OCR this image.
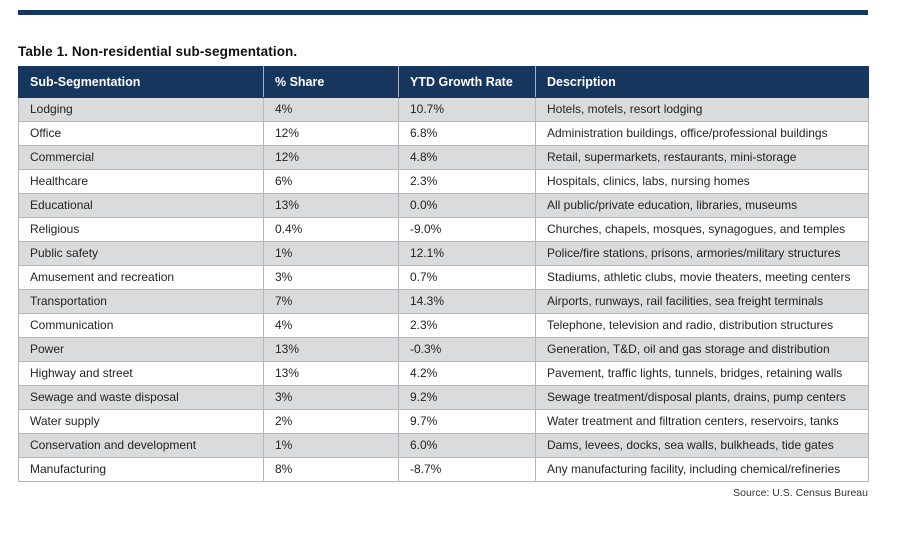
Table 1. Non-residential sub-segmentation.
Sub-Segmentation	% Share	YTD Growth Rate	Description
Lodging	4%	10.7%	Hotels, motels, resort lodging
Office	12%	6.8%	Administration buildings, office/professional buildings
Commercial	12%	4.8%	Retail, supermarkets, restaurants, mini-storage
Healthcare	6%	2.3%	Hospitals, clinics, labs, nursing homes
Educational	13%	0.0%	All public/private education, libraries, museums
Religious	0.4%	-9.0%	Churches, chapels, mosques, synagogues, and temples
Public safety	1%	12.1%	Police/fire stations, prisons, armories/military structures
Amusement and recreation	3%	0.7%	Stadiums, athletic clubs, movie theaters, meeting centers
Transportation	7%	14.3%	Airports, runways, rail facilities, sea freight terminals
Communication	4%	2.3%	Telephone, television and radio, distribution structures
Power	13%	-0.3%	Generation, T&D, oil and gas storage and distribution
Highway and street	13%	4.2%	Pavement, traffic lights, tunnels, bridges, retaining walls
Sewage and waste disposal	3%	9.2%	Sewage treatment/disposal plants, drains, pump centers
Water supply	2%	9.7%	Water treatment and filtration centers, reservoirs, tanks
Conservation and development	1%	6.0%	Dams, levees, docks, sea walls, bulkheads, tide gates
Manufacturing	8%	-8.7%	Any manufacturing facility, including chemical/refineries
Source: U.S. Census Bureau
